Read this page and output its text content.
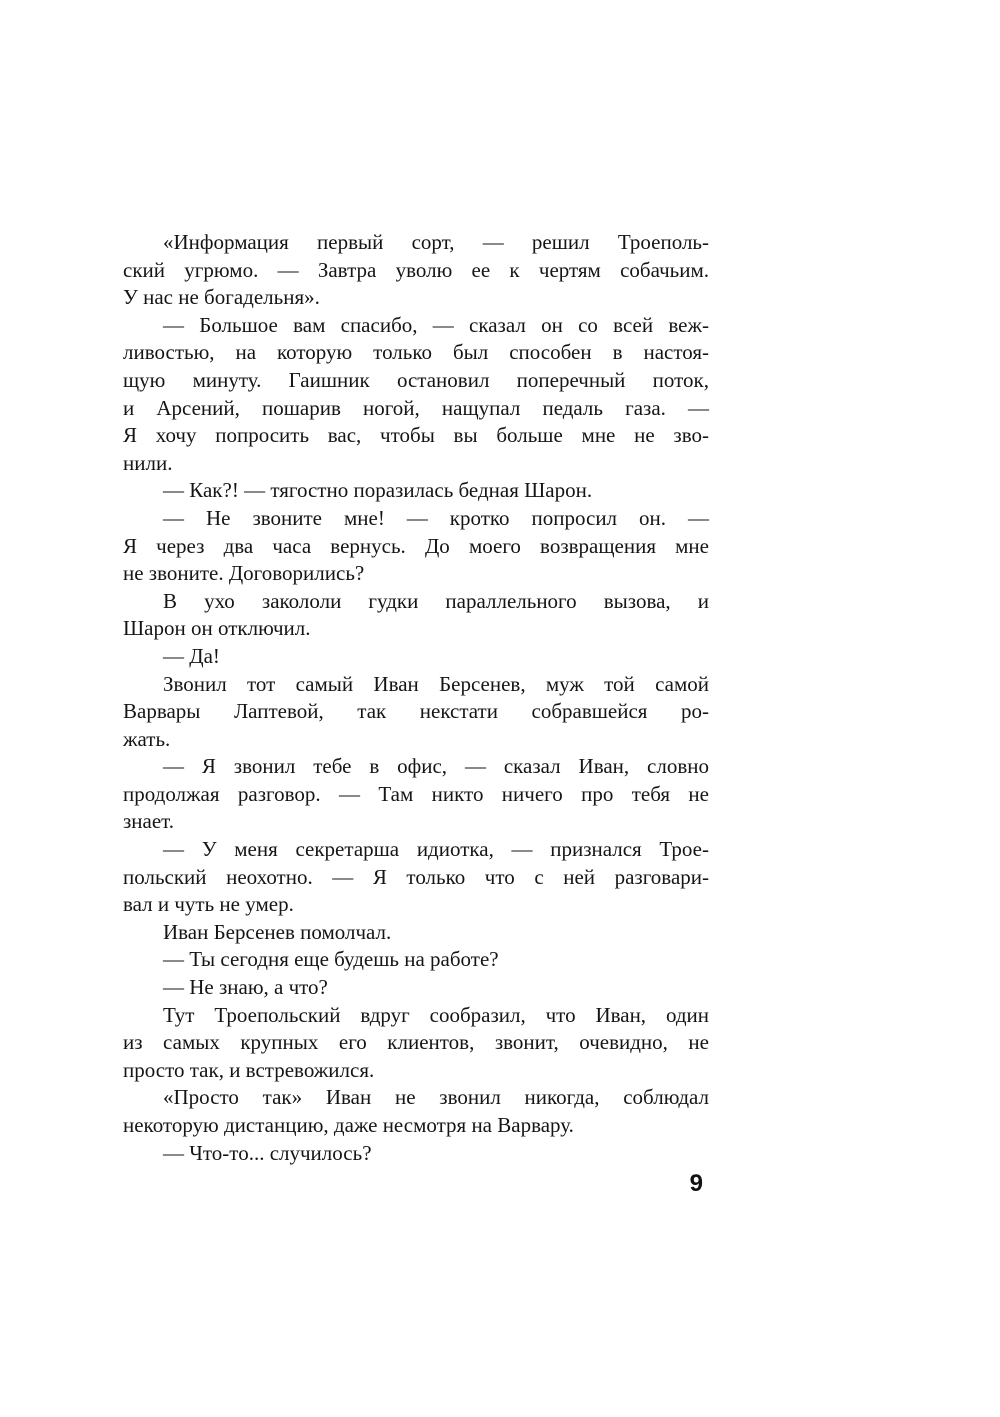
«Информация первый сорт, — решил Троеполь-
ский угрюмо. — Завтра уволю ее к чертям собачьим.
У нас не богадельня».
— Большое вам спасибо, — сказал он со всей веж-
ливостью, на которую только был способен в настоя-
щую минуту. Гаишник остановил поперечный поток,
и Арсений, пошарив ногой, нащупал педаль газа. —
Я хочу попросить вас, чтобы вы больше мне не зво-
нили.
— Как?! — тягостно поразилась бедная Шарон.
— Не звоните мне! — кротко попросил он. —
Я через два часа вернусь. До моего возвращения мне
не звоните. Договорились?
В ухо закололи гудки параллельного вызова, и
Шарон он отключил.
— Да!
Звонил тот самый Иван Берсенев, муж той самой
Варвары Лаптевой, так некстати собравшейся ро-
жать.
— Я звонил тебе в офис, — сказал Иван, словно
продолжая разговор. — Там никто ничего про тебя не
знает.
— У меня секретарша идиотка, — признался Трое-
польский неохотно. — Я только что с ней разговари-
вал и чуть не умер.
Иван Берсенев помолчал.
— Ты сегодня еще будешь на работе?
— Не знаю, а что?
Тут Троепольский вдруг сообразил, что Иван, один
из самых крупных его клиентов, звонит, очевидно, не
просто так, и встревожился.
«Просто так» Иван не звонил никогда, соблюдал
некоторую дистанцию, даже несмотря на Варвару.
— Что-то... случилось?
9
